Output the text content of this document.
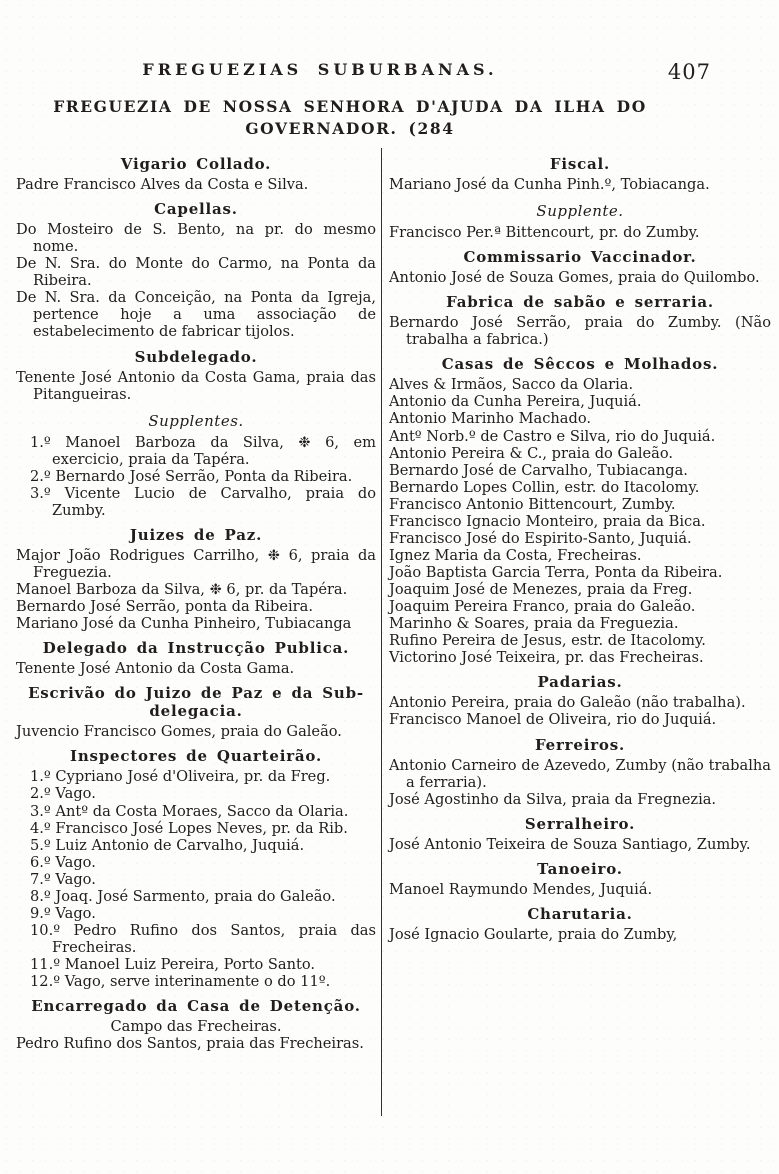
FREGUEZIAS SUBURBANAS.	407
FREGUEZIA DE NOSSA SENHORA D'AJUDA DA ILHA DO
GOVERNADOR. (284

Vigario Collado.

Padre Francisco Alves da Costa e Silva.

Capellas.

Do Mosteiro de S. Bento, na pr. do mesmo nome.

De N. Sra. do Monte do Carmo, na Ponta da Ribeira.

De N. Sra. da Conceição, na Ponta da Igreja, pertence hoje a uma associação de estabelecimento de fabricar tijolos.

Subdelegado.

Tenente José Antonio da Costa Gama, praia das Pitangueiras.

Supplentes.

1.º Manoel Barboza da Silva, ❉ 6, em exercicio, praia da Tapéra.

2.º Bernardo José Serrão, Ponta da Ribeira.

3.º Vicente Lucio de Carvalho, praia do Zumby.

Juizes de Paz.

Major João Rodrigues Carrilho, ❉ 6, praia da Freguezia.

Manoel Barboza da Silva, ❉ 6, pr. da Tapéra.

Bernardo José Serrão, ponta da Ribeira.

Mariano José da Cunha Pinheiro, Tubiacanga

Delegado da Instrucção Publica.

Tenente José Antonio da Costa Gama.

Escrivão do Juizo de Paz e da Sub-delegacia.

Juvencio Francisco Gomes, praia do Galeão.

Inspectores de Quarteirão.

1.º Cypriano José d'Oliveira, pr. da Freg.

2.º Vago.

3.º Antº da Costa Moraes, Sacco da Olaria.

4.º Francisco José Lopes Neves, pr. da Rib.

5.º Luiz Antonio de Carvalho, Juquiá.

6.º Vago.

7.º Vago.

8.º Joaq. José Sarmento, praia do Galeão.

9.º Vago.

10.º Pedro Rufino dos Santos, praia das Frecheiras.

11.º Manoel Luiz Pereira, Porto Santo.

12.º Vago, serve interinamente o do 11º.

Encarregado da Casa de Detenção.

Campo das Frecheiras.

Pedro Rufino dos Santos, praia das Frecheiras.

Fiscal.

Mariano José da Cunha Pinh.º, Tobiacanga.

Supplente.

Francisco Per.ª Bittencourt, pr. do Zumby.

Commissario Vaccinador.

Antonio José de Souza Gomes, praia do Quilombo.

Fabrica de sabão e serraria.

Bernardo José Serrão, praia do Zumby. (Não trabalha a fabrica.)

Casas de Sêccos e Molhados.

Alves & Irmãos, Sacco da Olaria.

Antonio da Cunha Pereira, Juquiá.

Antonio Marinho Machado.

Antº Norb.º de Castro e Silva, rio do Juquiá.

Antonio Pereira & C., praia do Galeão.

Bernardo José de Carvalho, Tubiacanga.

Bernardo Lopes Collin, estr. do Itacolomy.

Francisco Antonio Bittencourt, Zumby.

Francisco Ignacio Monteiro, praia da Bica.

Francisco José do Espirito-Santo, Juquiá.

Ignez Maria da Costa, Frecheiras.

João Baptista Garcia Terra, Ponta da Ribeira.

Joaquim José de Menezes, praia da Freg.

Joaquim Pereira Franco, praia do Galeão.

Marinho & Soares, praia da Freguezia.

Rufino Pereira de Jesus, estr. de Itacolomy.

Victorino José Teixeira, pr. das Frecheiras.

Padarias.

Antonio Pereira, praia do Galeão (não trabalha).

Francisco Manoel de Oliveira, rio do Juquiá.

Ferreiros.

Antonio Carneiro de Azevedo, Zumby (não trabalha a ferraria).

José Agostinho da Silva, praia da Fregnezia.

Serralheiro.

José Antonio Teixeira de Souza Santiago, Zumby.

Tanoeiro.

Manoel Raymundo Mendes, Juquiá.

Charutaria.

José Ignacio Goularte, praia do Zumby,
